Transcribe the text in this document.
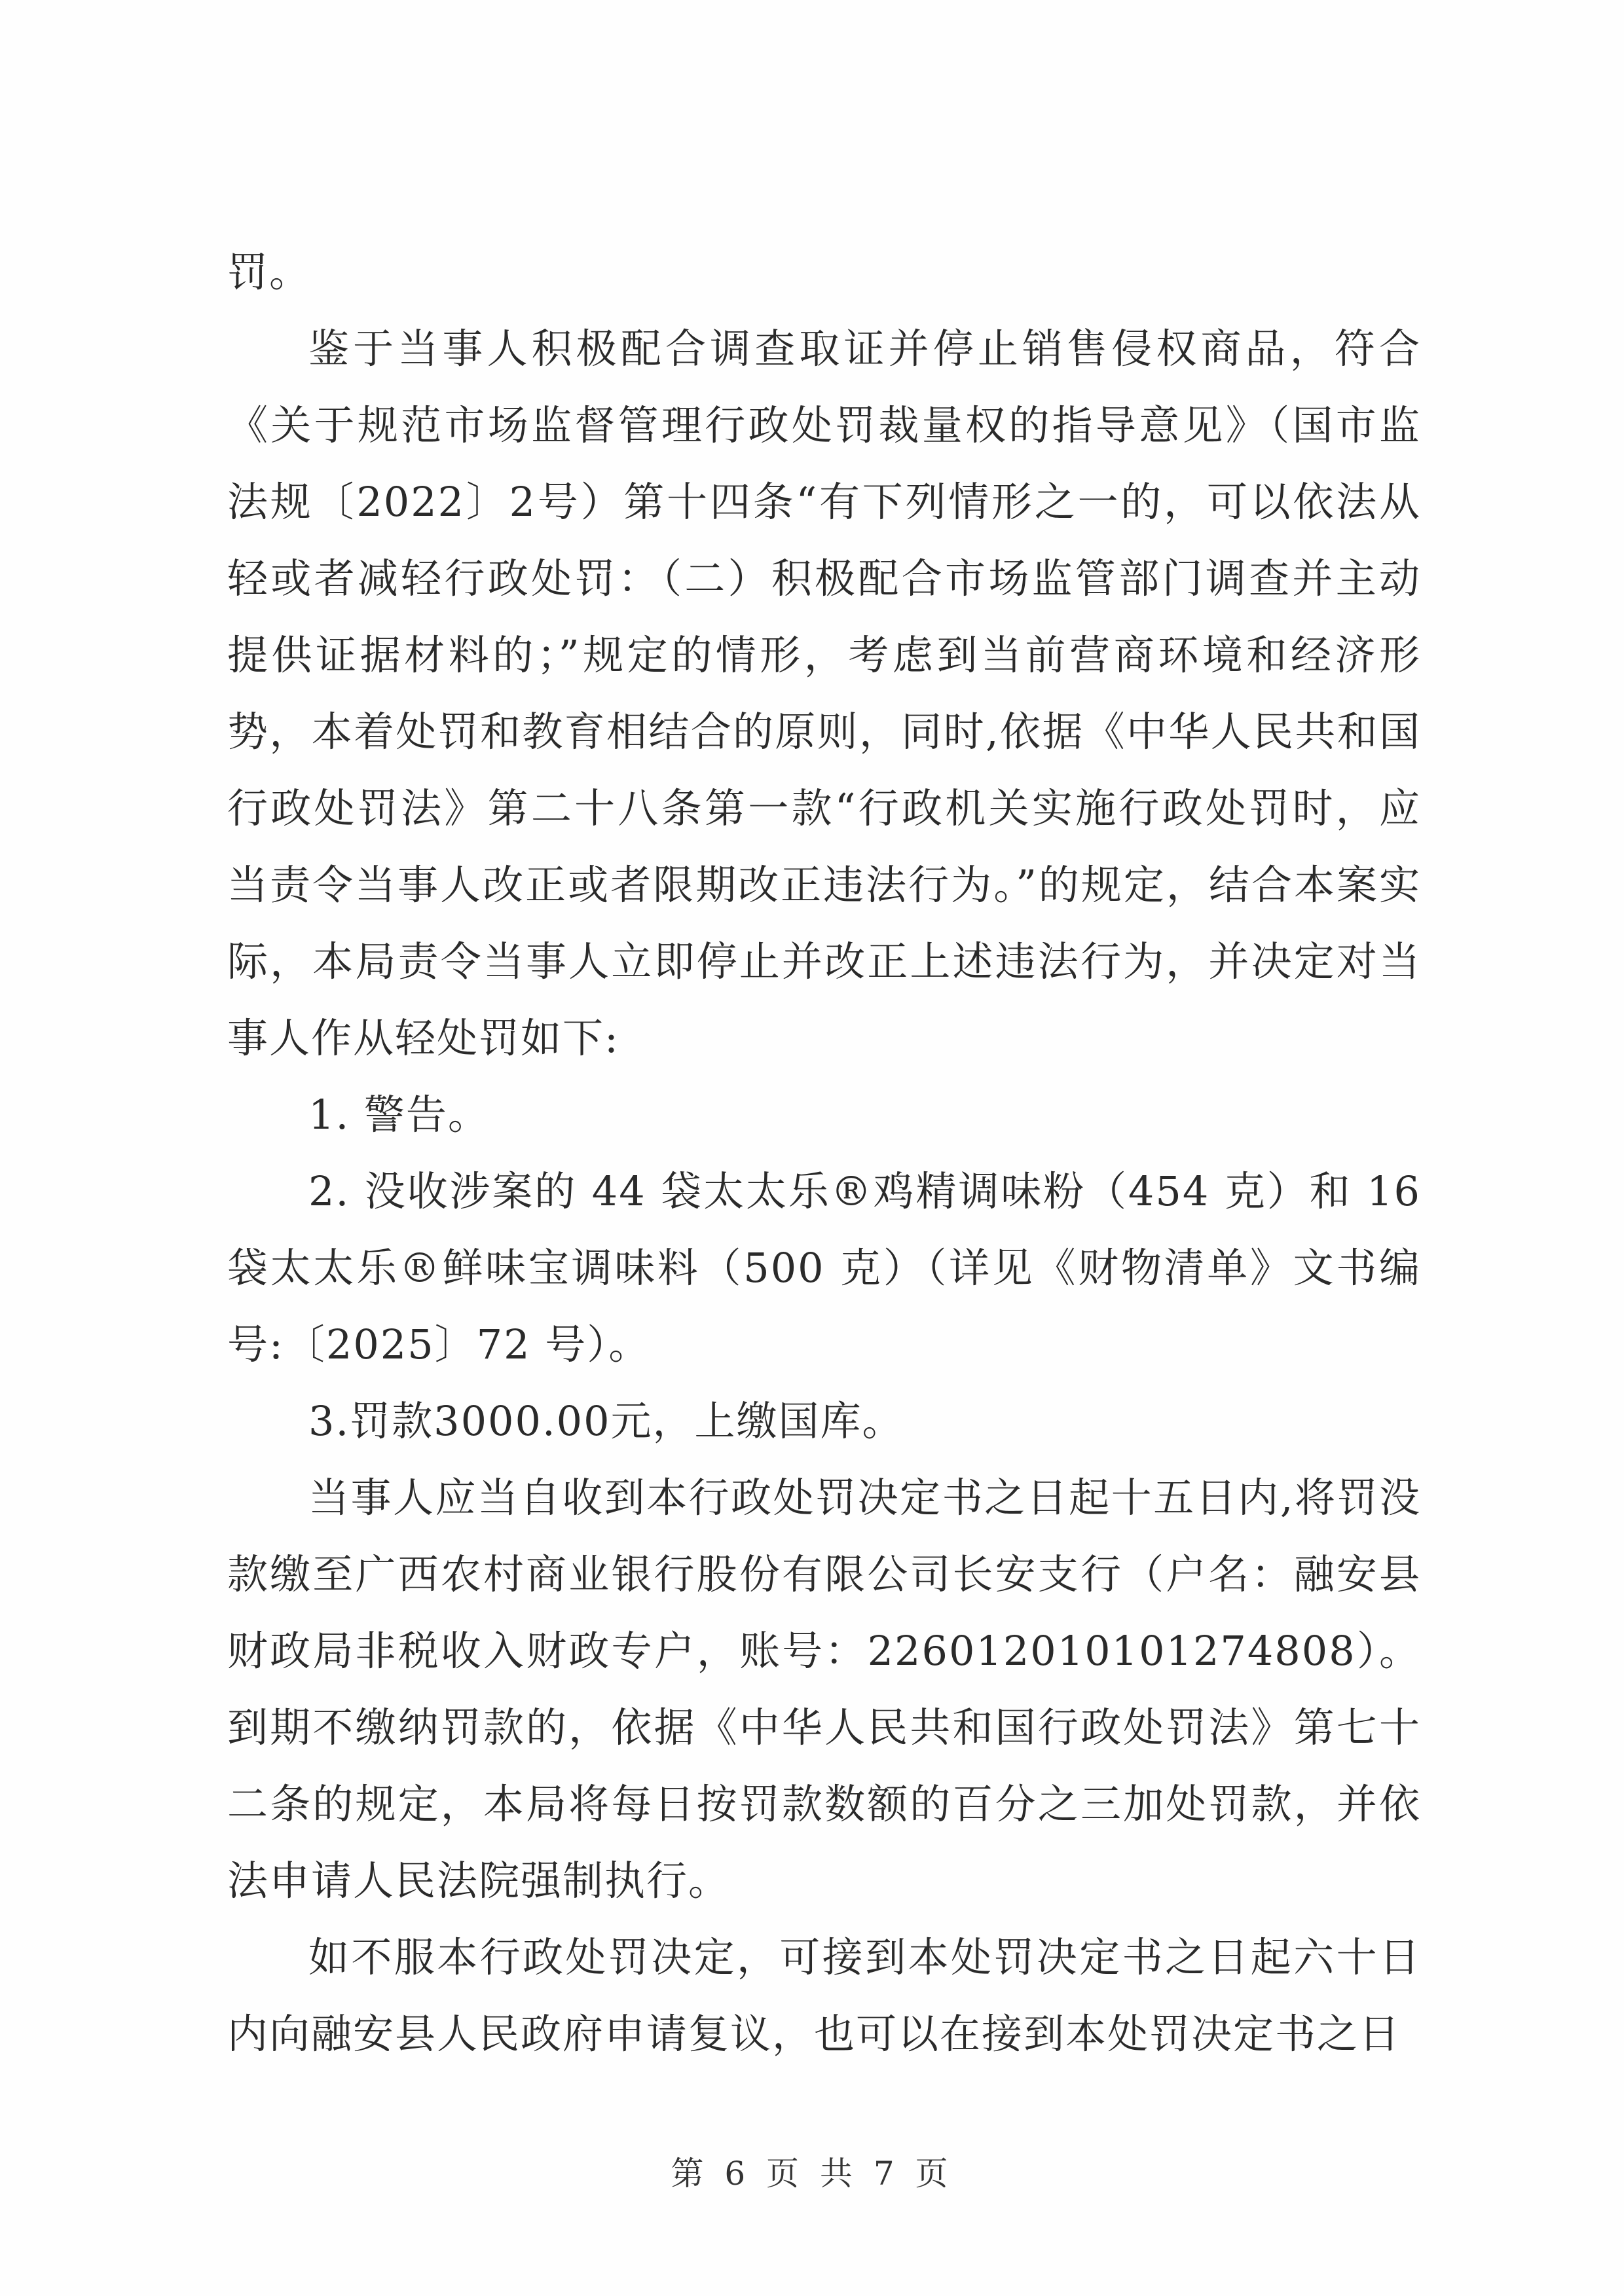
罚。

鉴于当事人积极配合调查取证并停止销售侵权商品，符合《关于规范市场监督管理行政处罚裁量权的指导意见》（国市监法规〔2022〕2号）第十四条“有下列情形之一的，可以依法从轻或者减轻行政处罚：（二）积极配合市场监管部门调查并主动提供证据材料的；”规定的情形，考虑到当前营商环境和经济形势，本着处罚和教育相结合的原则，同时,依据《中华人民共和国行政处罚法》第二十八条第一款“行政机关实施行政处罚时，应当责令当事人改正或者限期改正违法行为。”的规定，结合本案实际，本局责令当事人立即停止并改正上述违法行为，并决定对当事人作从轻处罚如下:

1. 警告。

2. 没收涉案的 44 袋太太乐®鸡精调味粉（454 克）和 16 袋太太乐®鲜味宝调味料（500 克）（详见《财物清单》文书编号:〔2025〕72 号）。

3.罚款3000.00元，上缴国库。

当事人应当自收到本行政处罚决定书之日起十五日内,将罚没款缴至广西农村商业银行股份有限公司长安支行（户名：融安县财政局非税收入财政专户，账号：226012010101274808）。到期不缴纳罚款的，依据《中华人民共和国行政处罚法》第七十二条的规定，本局将每日按罚款数额的百分之三加处罚款，并依法申请人民法院强制执行。

如不服本行政处罚决定，可接到本处罚决定书之日起六十日内向融安县人民政府申请复议，也可以在接到本处罚决定书之日

第 6 页 共 7 页
